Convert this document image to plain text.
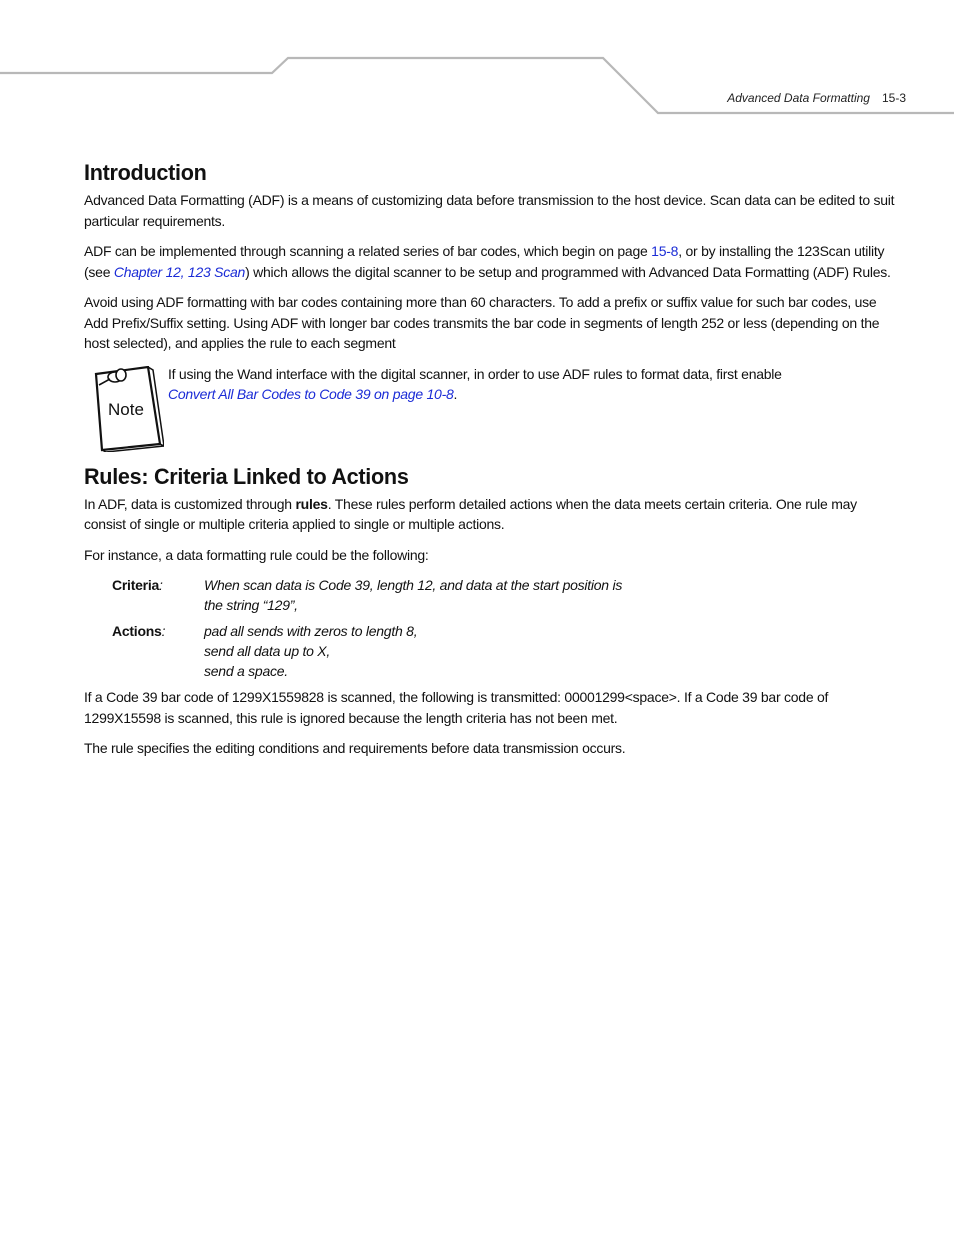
Advanced Data Formatting 15-3
Introduction

Advanced Data Formatting (ADF) is a means of customizing data before transmission to the host device. Scan data can be edited to suit particular requirements.

ADF can be implemented through scanning a related series of bar codes, which begin on page 15-8, or by installing the 123Scan utility (see Chapter 12, 123 Scan) which allows the digital scanner to be setup and programmed with Advanced Data Formatting (ADF) Rules.

Avoid using ADF formatting with bar codes containing more than 60 characters. To add a prefix or suffix value for such bar codes, use Add Prefix/Suffix setting. Using ADF with longer bar codes transmits the bar code in segments of length 252 or less (depending on the host selected), and applies the rule to each segment

Note
If using the Wand interface with the digital scanner, in order to use ADF rules to format data, first enable
Convert All Bar Codes to Code 39 on page 10-8.
Rules: Criteria Linked to Actions

In ADF, data is customized through rules. These rules perform detailed actions when the data meets certain criteria. One rule may consist of single or multiple criteria applied to single or multiple actions.

For instance, a data formatting rule could be the following:

Criteria:	When scan data is Code 39, length 12, and data at the start position is
the string “129”,
Actions:	pad all sends with zeros to length 8,
send all data up to X,
send a space.

If a Code 39 bar code of 1299X1559828 is scanned, the following is transmitted: 00001299<space>. If a Code 39 bar code of 1299X15598 is scanned, this rule is ignored because the length criteria has not been met.

The rule specifies the editing conditions and requirements before data transmission occurs.
